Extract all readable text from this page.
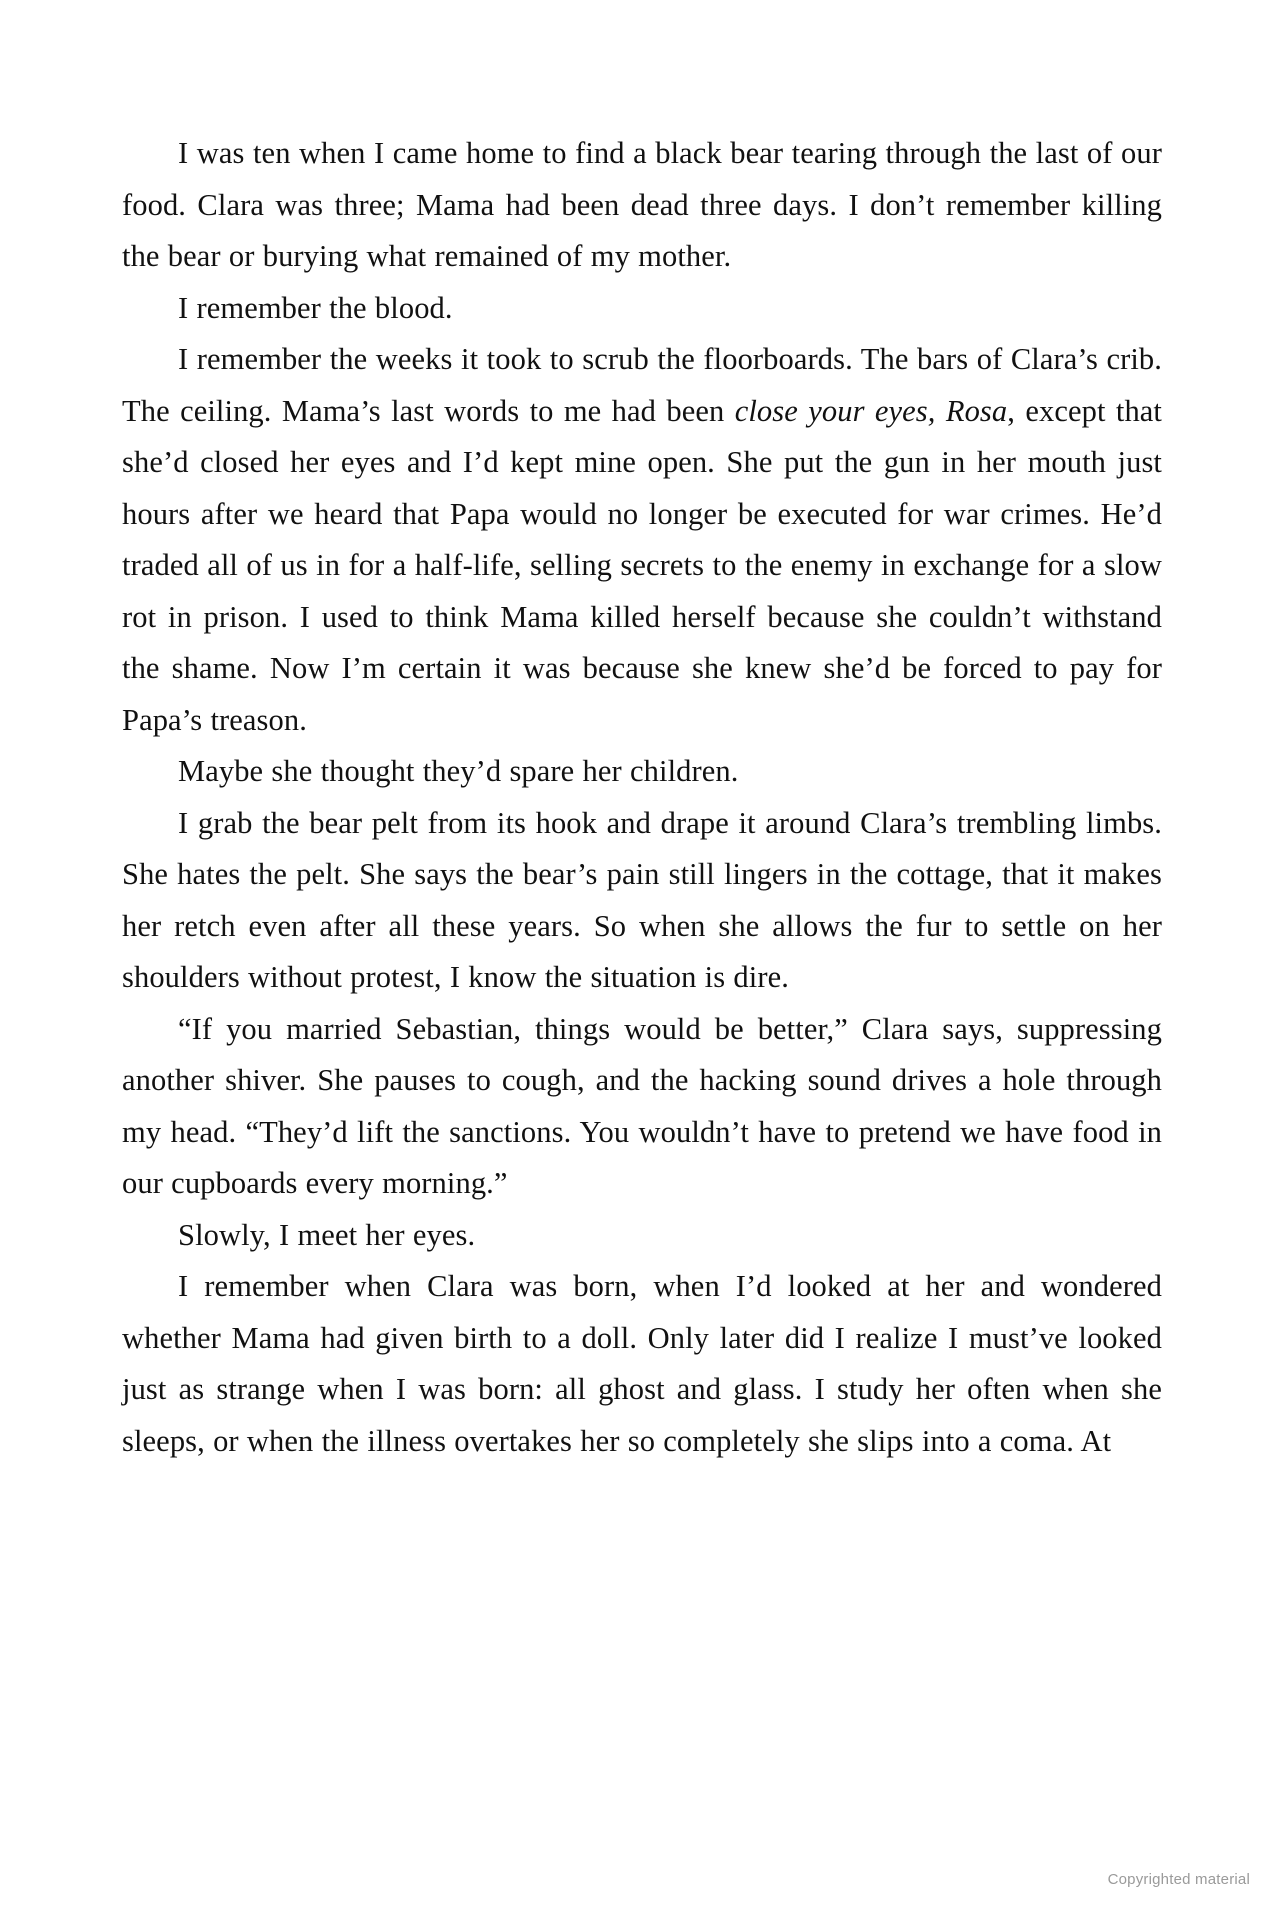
I was ten when I came home to find a black bear tearing through the last of our food. Clara was three; Mama had been dead three days. I don’t remember killing the bear or burying what remained of my mother.

I remember the blood.

I remember the weeks it took to scrub the floorboards. The bars of Clara’s crib. The ceiling. Mama’s last words to me had been close your eyes, Rosa, except that she’d closed her eyes and I’d kept mine open. She put the gun in her mouth just hours after we heard that Papa would no longer be executed for war crimes. He’d traded all of us in for a half-life, selling secrets to the enemy in exchange for a slow rot in prison. I used to think Mama killed herself because she couldn’t withstand the shame. Now I’m certain it was because she knew she’d be forced to pay for Papa’s treason.

Maybe she thought they’d spare her children.

I grab the bear pelt from its hook and drape it around Clara’s trembling limbs. She hates the pelt. She says the bear’s pain still lingers in the cottage, that it makes her retch even after all these years. So when she allows the fur to settle on her shoulders without protest, I know the situation is dire.

“If you married Sebastian, things would be better,” Clara says, suppressing another shiver. She pauses to cough, and the hacking sound drives a hole through my head. “They’d lift the sanctions. You wouldn’t have to pretend we have food in our cupboards every morning.”

Slowly, I meet her eyes.

I remember when Clara was born, when I’d looked at her and wondered whether Mama had given birth to a doll. Only later did I realize I must’ve looked just as strange when I was born: all ghost and glass. I study her often when she sleeps, or when the illness overtakes her so completely she slips into a coma. At

Copyrighted material
